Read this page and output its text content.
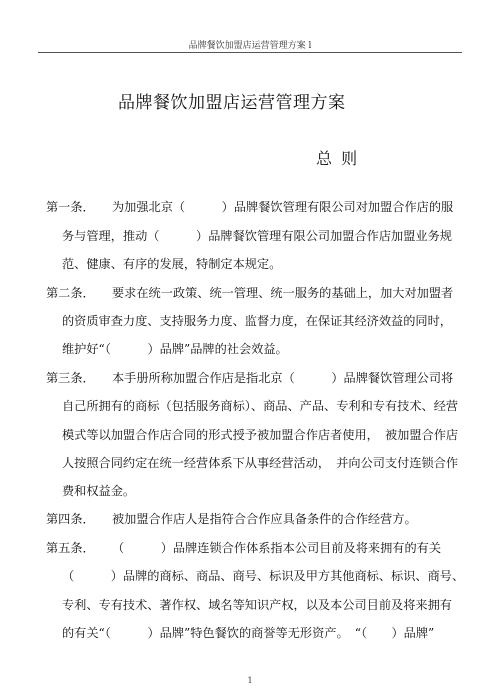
品牌餐饮加盟店运营管理方案 l
品牌餐饮加盟店运营管理方案
总 则
第一条． 为加强北京（　　　）品牌餐饮管理有限公司对加盟合作店的服
务与管理，推动（　　　）品牌餐饮管理有限公司加盟合作店加盟业务规
范、健康、有序的发展，特制定本规定。
第二条． 要求在统一政策、统一管理、统一服务的基础上，加大对加盟者
的资质审查力度、支持服务力度、监督力度，在保证其经济效益的同时，
维护好“（　　　）品牌”品牌的社会效益。
第三条． 本手册所称加盟合作店是指北京（　　　）品牌餐饮管理公司将
自己所拥有的商标（包括服务商标）、商品、产品、专利和专有技术、经营
模式等以加盟合作店合同的形式授予被加盟合作店者使用，　被加盟合作店
人按照合同约定在统一经营体系下从事经营活动，　并向公司支付连锁合作
费和权益金。
第四条． 被加盟合作店人是指符合合作应具备条件的合作经营方。
第五条． （　　　）品牌连锁合作体系指本公司目前及将来拥有的有关
（　　　）品牌的商标、商品、商号、标识及甲方其他商标、标识、商号、
专利、专有技术、著作权、域名等知识产权，以及本公司目前及将来拥有
的有关“（　　　）品牌”特色餐饮的商誉等无形资产。　“（　　）品牌”
1
